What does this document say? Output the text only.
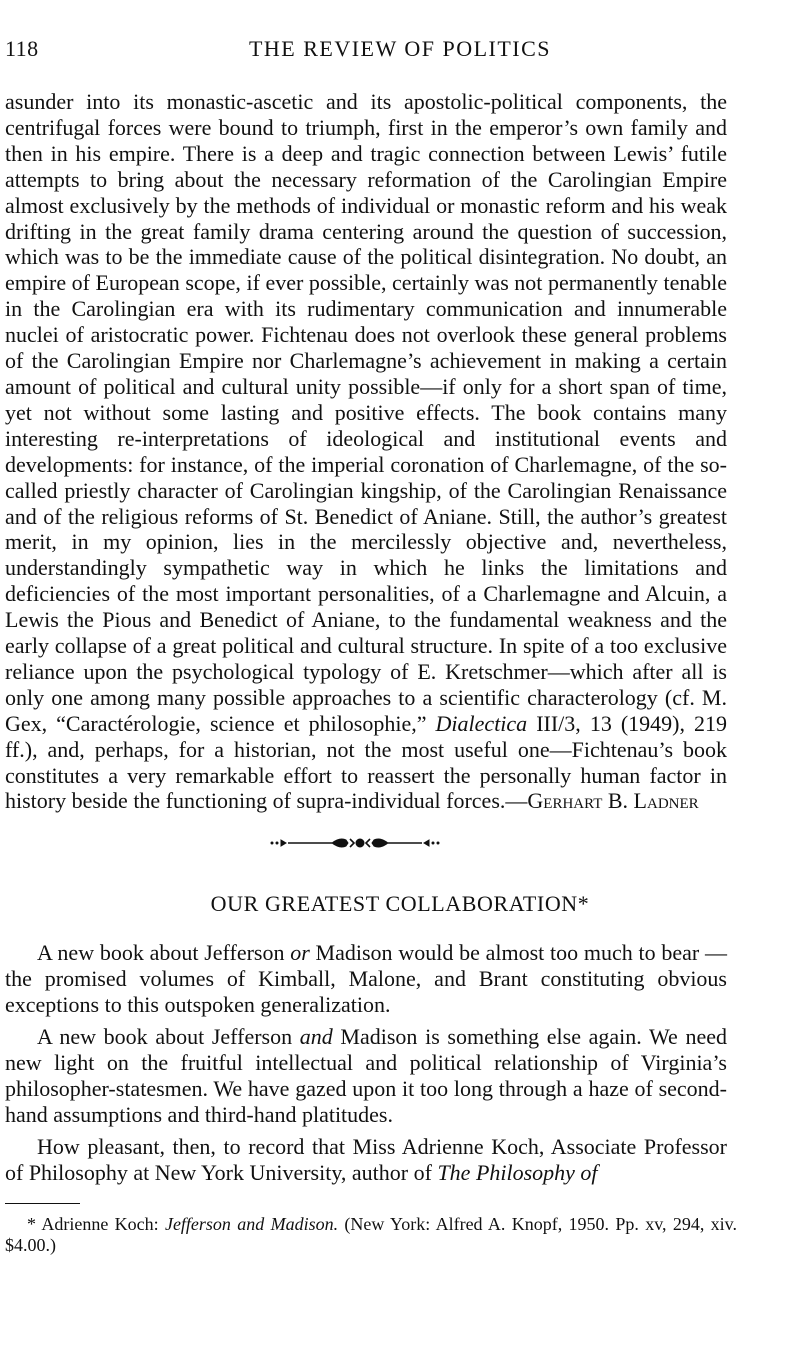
118	THE REVIEW OF POLITICS

asunder into its monastic-ascetic and its apostolic-political components, the centrifugal forces were bound to triumph, first in the emperor’s own family and then in his empire. There is a deep and tragic connection between Lewis’ futile attempts to bring about the necessary reformation of the Carolingian Empire almost exclusively by the methods of individual or monastic reform and his weak drifting in the great family drama centering around the question of succession, which was to be the immediate cause of the political disintegration. No doubt, an empire of European scope, if ever possible, certainly was not permanently tenable in the Carolingian era with its rudimentary communication and innumerable nuclei of aristocratic power. Fichtenau does not overlook these general problems of the Carolingian Empire nor Charlemagne’s achievement in making a certain amount of political and cultural unity possible—if only for a short span of time, yet not without some lasting and positive effects. The book contains many interesting re-interpretations of ideological and institutional events and developments: for instance, of the imperial coronation of Charlemagne, of the so-called priestly character of Carolingian kingship, of the Carolingian Renaissance and of the religious reforms of St. Benedict of Aniane. Still, the author’s greatest merit, in my opinion, lies in the mercilessly objective and, nevertheless, understandingly sympathetic way in which he links the limitations and deficiencies of the most important personalities, of a Charlemagne and Alcuin, a Lewis the Pious and Benedict of Aniane, to the fundamental weakness and the early collapse of a great political and cultural structure. In spite of a too exclusive reliance upon the psychological typology of E. Kretschmer—which after all is only one among many possible approaches to a scientific characterology (cf. M. Gex, “Caractérologie, science et philosophie,” Dialectica III/3, 13 (1949), 219 ff.), and, perhaps, for a historian, not the most useful one—Fichtenau’s book constitutes a very remarkable effort to reassert the personally human factor in history beside the functioning of supra-individual forces.—Gerhart B. Ladner

OUR GREATEST COLLABORATION*

A new book about Jefferson or Madison would be almost too much to bear —the promised volumes of Kimball, Malone, and Brant constituting obvious exceptions to this outspoken generalization.

A new book about Jefferson and Madison is something else again. We need new light on the fruitful intellectual and political relationship of Virginia’s philosopher-statesmen. We have gazed upon it too long through a haze of second-hand assumptions and third-hand platitudes.

How pleasant, then, to record that Miss Adrienne Koch, Associate Professor of Philosophy at New York University, author of The Philosophy of

* Adrienne Koch: Jefferson and Madison. (New York: Alfred A. Knopf, 1950. Pp. xv, 294, xiv. $4.00.)
